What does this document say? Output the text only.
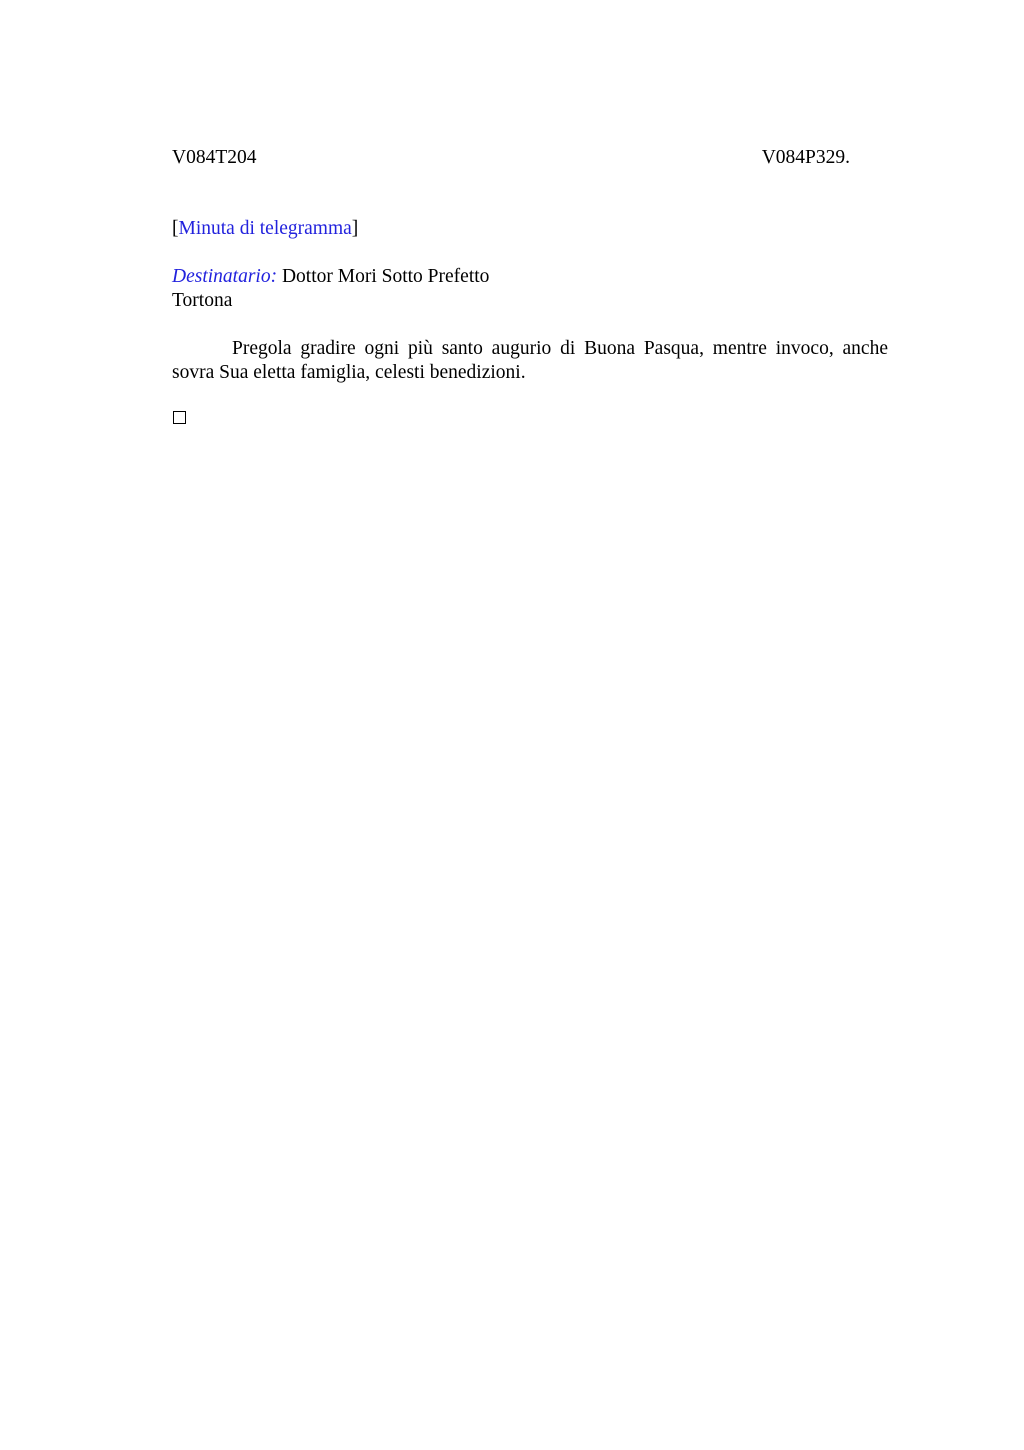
V084T204	V084P329.
[Minuta di telegramma]
Destinatario: Dottor Mori Sotto Prefetto
Tortona
Pregola gradire ogni più santo augurio di Buona Pasqua, mentre invoco, anche sovra Sua eletta famiglia, celesti benedizioni.
